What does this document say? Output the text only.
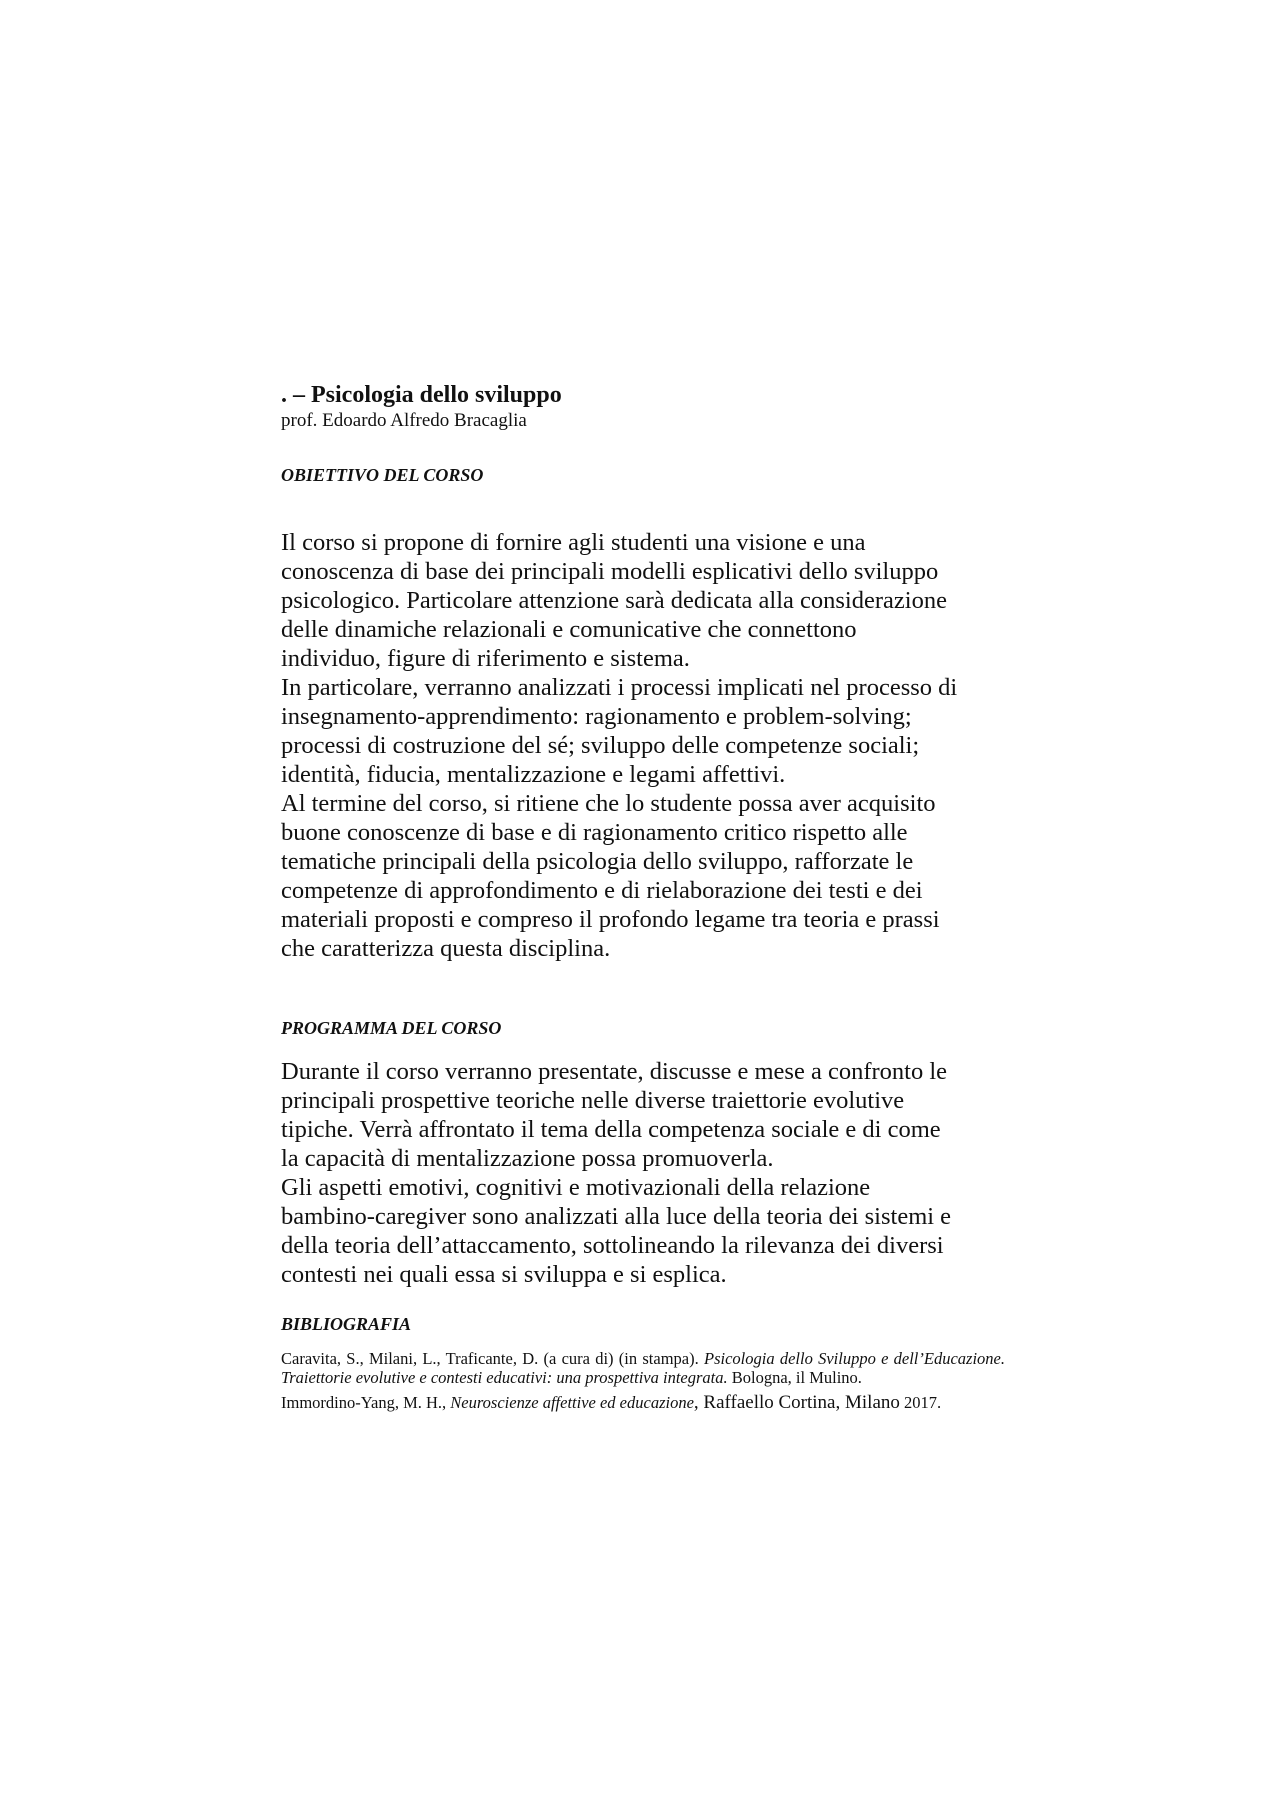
. – Psicologia dello sviluppo

prof. Edoardo Alfredo Bracaglia

OBIETTIVO DEL CORSO

Il corso si propone di fornire agli studenti una visione e una
conoscenza di base dei principali modelli esplicativi dello sviluppo
psicologico. Particolare attenzione sarà dedicata alla considerazione
delle dinamiche relazionali e comunicative che connettono
individuo, figure di riferimento e sistema.
In particolare, verranno analizzati i processi implicati nel processo di
insegnamento-apprendimento: ragionamento e problem-solving;
processi di costruzione del sé; sviluppo delle competenze sociali;
identità, fiducia, mentalizzazione e legami affettivi.
Al termine del corso, si ritiene che lo studente possa aver acquisito
buone conoscenze di base e di ragionamento critico rispetto alle
tematiche principali della psicologia dello sviluppo, rafforzate le
competenze di approfondimento e di rielaborazione dei testi e dei
materiali proposti e compreso il profondo legame tra teoria e prassi
che caratterizza questa disciplina.

PROGRAMMA DEL CORSO

Durante il corso verranno presentate, discusse e mese a confronto le
principali prospettive teoriche nelle diverse traiettorie evolutive
tipiche. Verrà affrontato il tema della competenza sociale e di come
la capacità di mentalizzazione possa promuoverla.
Gli aspetti emotivi, cognitivi e motivazionali della relazione
bambino-caregiver sono analizzati alla luce della teoria dei sistemi e
della teoria dell’attaccamento, sottolineando la rilevanza dei diversi
contesti nei quali essa si sviluppa e si esplica.

BIBLIOGRAFIA

Caravita, S., Milani, L., Traficante, D. (a cura di) (in stampa). Psicologia dello Sviluppo e dell’Educazione. Traiettorie evolutive e contesti educativi: una prospettiva integrata. Bologna, il Mulino.

Immordino-Yang, M. H., Neuroscienze affettive ed educazione, Raffaello Cortina, Milano 2017.
